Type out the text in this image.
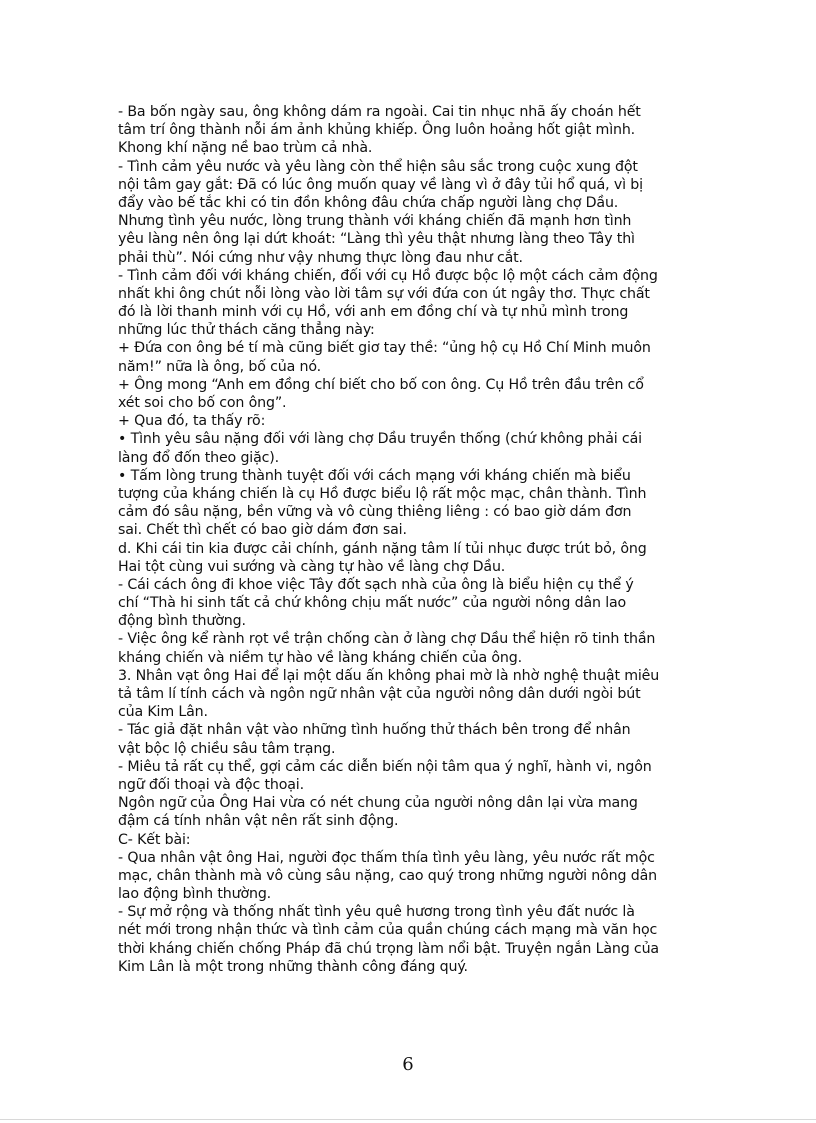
- Ba bốn ngày sau, ông không dám ra ngoài. Cai tin nhục nhã ấy choán hết
tâm trí ông thành nỗi ám ảnh khủng khiếp. Ông luôn hoảng hốt giật mình.
Khong khí nặng nề bao trùm cả nhà.
- Tình cảm yêu nước và yêu làng còn thể hiện sâu sắc trong cuộc xung đột
nội tâm gay gắt: Đã có lúc ông muốn quay về làng vì ở đây tủi hổ quá, vì bị
đẩy vào bế tắc khi có tin đồn không đâu chứa chấp người làng chợ Dầu.
Nhưng tình yêu nước, lòng trung thành với kháng chiến đã mạnh hơn tình
yêu làng nên ông lại dứt khoát: “Làng thì yêu thật nhưng làng theo Tây thì
phải thù”. Nói cứng như vậy nhưng thực lòng đau như cắt.
- Tình cảm đối với kháng chiến, đối với cụ Hồ được bộc lộ một cách cảm động
nhất khi ông chút nỗi lòng vào lời tâm sự với đứa con út ngây thơ. Thực chất
đó là lời thanh minh với cụ Hồ, với anh em đồng chí và tự nhủ mình trong
những lúc thử thách căng thẳng này:
+ Đứa con ông bé tí mà cũng biết giơ tay thề: “ủng hộ cụ Hồ Chí Minh muôn
năm!” nữa là ông, bố của nó.
+ Ông mong “Anh em đồng chí biết cho bố con ông. Cụ Hồ trên đầu trên cổ
xét soi cho bố con ông”.
+ Qua đó, ta thấy rõ:
• Tình yêu sâu nặng đối với làng chợ Dầu truyền thống (chứ không phải cái
làng đổ đốn theo giặc).
• Tấm lòng trung thành tuyệt đối với cách mạng với kháng chiến mà biểu
tượng của kháng chiến là cụ Hồ được biểu lộ rất mộc mạc, chân thành. Tình
cảm đó sâu nặng, bền vững và vô cùng thiêng liêng : có bao giờ dám đơn
sai. Chết thì chết có bao giờ dám đơn sai.
d. Khi cái tin kia được cải chính, gánh nặng tâm lí tủi nhục được trút bỏ, ông
Hai tột cùng vui sướng và càng tự hào về làng chợ Dầu.
- Cái cách ông đi khoe việc Tây đốt sạch nhà của ông là biểu hiện cụ thể ý
chí “Thà hi sinh tất cả chứ không chịu mất nước” của người nông dân lao
động bình thường.
- Việc ông kể rành rọt về trận chống càn ở làng chợ Dầu thể hiện rõ tinh thần
kháng chiến và niềm tự hào về làng kháng chiến của ông.
3. Nhân vạt ông Hai để lại một dấu ấn không phai mờ là nhờ nghệ thuật miêu
tả tâm lí tính cách và ngôn ngữ nhân vật của người nông dân dưới ngòi bút
của Kim Lân.
- Tác giả đặt nhân vật vào những tình huống thử thách bên trong để nhân
vật bộc lộ chiều sâu tâm trạng.
- Miêu tả rất cụ thể, gợi cảm các diễn biến nội tâm qua ý nghĩ, hành vi, ngôn
ngữ đối thoại và độc thoại.
Ngôn ngữ của Ông Hai vừa có nét chung của người nông dân lại vừa mang
đậm cá tính nhân vật nên rất sinh động.
C- Kết bài:
- Qua nhân vật ông Hai, người đọc thấm thía tình yêu làng, yêu nước rất mộc
mạc, chân thành mà vô cùng sâu nặng, cao quý trong những người nông dân
lao động bình thường.
- Sự mở rộng và thống nhất tình yêu quê hương trong tình yêu đất nước là
nét mới trong nhận thức và tình cảm của quần chúng cách mạng mà văn học
thời kháng chiến chống Pháp đã chú trọng làm nổi bật. Truyện ngắn Làng của
Kim Lân là một trong những thành công đáng quý.
6
